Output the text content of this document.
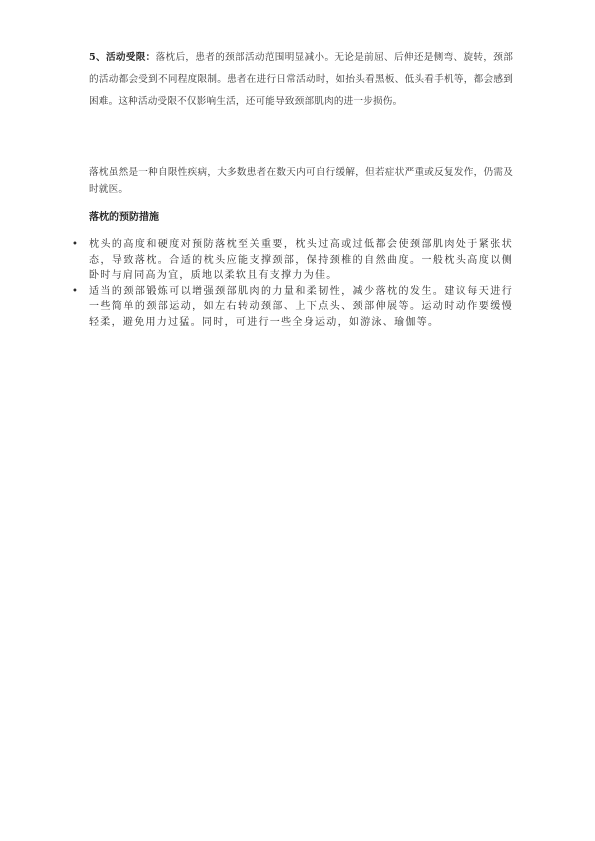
5、活动受限：落枕后，患者的颈部活动范围明显减小。无论是前屈、后伸还是侧弯、旋转，颈部的活动都会受到不同程度限制。患者在进行日常活动时，如抬头看黑板、低头看手机等，都会感到困难。这种活动受限不仅影响生活，还可能导致颈部肌肉的进一步损伤。

落枕虽然是一种自限性疾病，大多数患者在数天内可自行缓解，但若症状严重或反复发作，仍需及时就医。

落枕的预防措施
• 枕头的高度和硬度对预防落枕至关重要，枕头过高或过低都会使颈部肌肉处于紧张状态，导致落枕。合适的枕头应能支撑颈部，保持颈椎的自然曲度。一般枕头高度以侧卧时与肩同高为宜，质地以柔软且有支撑力为佳。
• 适当的颈部锻炼可以增强颈部肌肉的力量和柔韧性，减少落枕的发生。建议每天进行一些简单的颈部运动，如左右转动颈部、上下点头、颈部伸展等。运动时动作要缓慢轻柔，避免用力过猛。同时，可进行一些全身运动，如游泳、瑜伽等。
